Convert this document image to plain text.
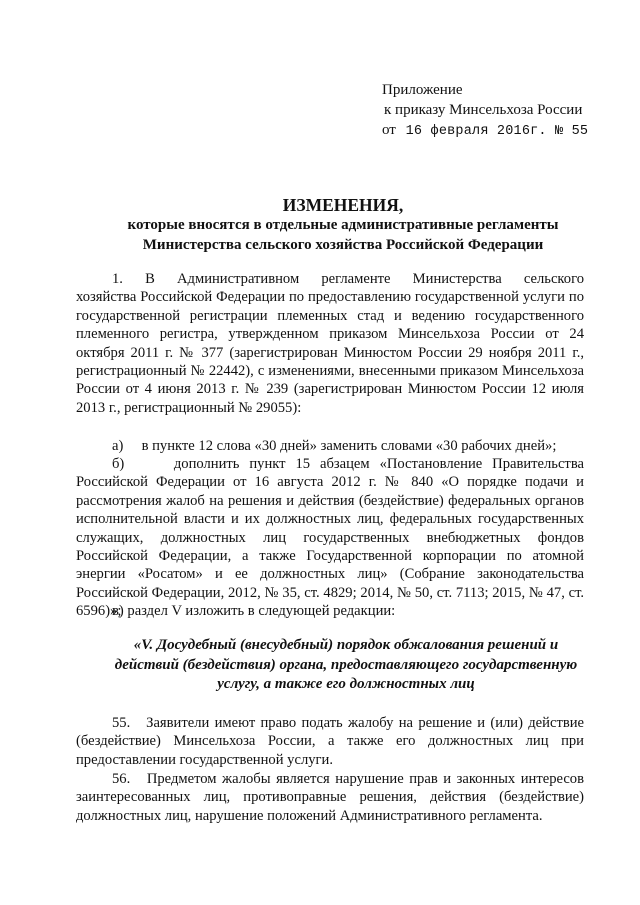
Приложение
к приказу Минсельхоза России
от 16 февраля 2016г. № 55
ИЗМЕНЕНИЯ,
которые вносятся в отдельные административные регламенты
Министерства сельского хозяйства Российской Федерации

1.   В   Административном   регламенте   Министерства   сельского

хозяйства Российской Федерации по предоставлению государственной услуги по государственной регистрации племенных стад и ведению государственного племенного регистра, утвержденном приказом Минсельхоза России от 24 октября 2011 г. № 377 (зарегистрирован Минюстом России 29 ноября 2011 г., регистрационный № 22442), с изменениями, внесенными приказом Минсельхоза России от 4 июня 2013 г. № 239 (зарегистрирован Минюстом России 12 июля 2013 г., регистрационный № 29055):

а)     в пункте 12 слова «30 дней» заменить словами «30 рабочих дней»;

б)     дополнить пункт 15 абзацем «Постановление Правительства Российской Федерации от 16 августа 2012 г. № 840 «О порядке подачи и рассмотрения жалоб на решения и действия (бездействие) федеральных органов исполнительной власти и их должностных лиц, федеральных государственных служащих, должностных лиц государственных внебюджетных фондов Российской Федерации, а также Государственной корпорации по атомной энергии «Росатом» и ее должностных лиц» (Собрание законодательства Российской Федерации, 2012, № 35, ст. 4829; 2014, № 50, ст. 7113; 2015, № 47, ст. 6596)»;

в) раздел V изложить в следующей редакции:

«V. Досудебный (внесудебный) порядок обжалования решений и
действий (бездействия) органа, предоставляющего государственную
услугу, а также его должностных лиц

55.   Заявители имеют право подать жалобу на решение и (или) действие (бездействие) Минсельхоза России, а также его должностных лиц при предоставлении государственной услуги.

56.   Предметом жалобы является нарушение прав и законных интересов заинтересованных лиц, противоправные решения, действия (бездействие) должностных лиц, нарушение положений Административного регламента.
